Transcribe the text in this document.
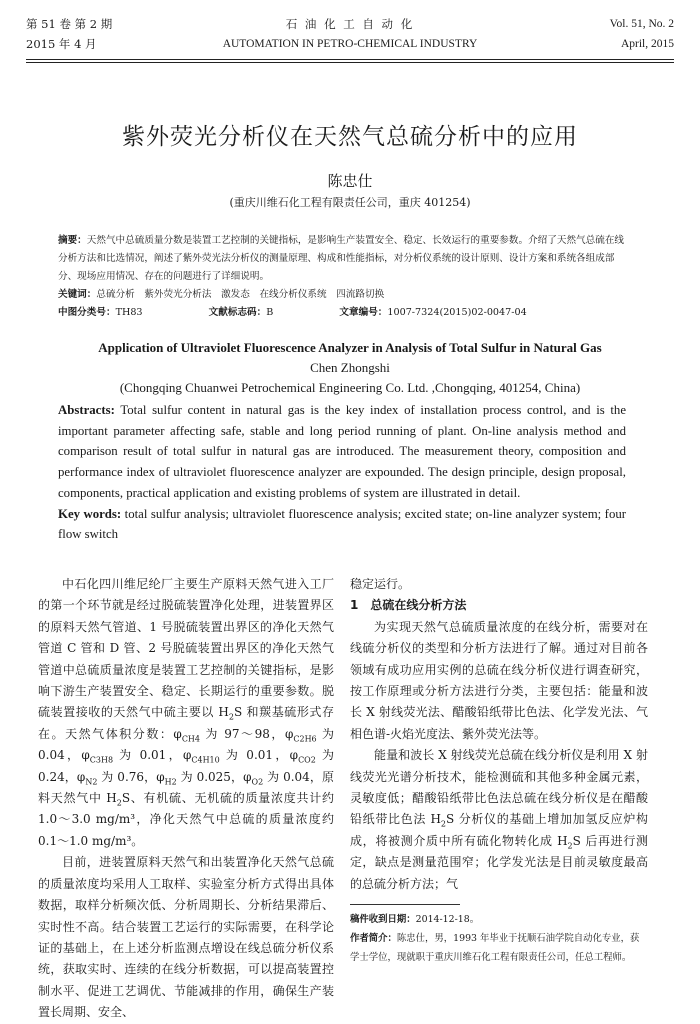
第 51 卷 第 2 期
2015 年 4 月
石 油 化 工 自 动 化
AUTOMATION IN PETRO-CHEMICAL INDUSTRY
Vol. 51, No. 2
April, 2015
紫外荧光分析仪在天然气总硫分析中的应用
陈忠仕
(重庆川维石化工程有限责任公司，重庆 401254)
摘要：天然气中总硫质量分数是装置工艺控制的关键指标，是影响生产装置安全、稳定、长效运行的重要参数。介绍了天然气总硫在线分析方法和比选情况，阐述了紫外荧光法分析仪的测量原理、构成和性能指标，对分析仪系统的设计原则、设计方案和系统各组成部分、现场应用情况、存在的问题进行了详细说明。
关键词：总硫分析　紫外荧光分析法　激发态　在线分析仪系统　四流路切换
中图分类号：TH83	文献标志码：B	文章编号：1007-7324(2015)02-0047-04
Application of Ultraviolet Fluorescence Analyzer in Analysis of Total Sulfur in Natural Gas
Chen Zhongshi
(Chongqing Chuanwei Petrochemical Engineering Co. Ltd. ,Chongqing, 401254, China)
Abstracts: Total sulfur content in natural gas is the key index of installation process control, and is the important parameter affecting safe, stable and long period running of plant. On-line analysis method and comparison result of total sulfur in natural gas are introduced. The measurement theory, composition and performance index of ultraviolet fluorescence analyzer are expounded. The design principle, design proposal, components, practical application and existing problems of system are illustrated in detail.
Key words: total sulfur analysis; ultraviolet fluorescence analysis; excited state; on-line analyzer system; four flow switch

中石化四川维尼纶厂主要生产原料天然气进入工厂的第一个环节就是经过脱硫装置净化处理，进装置界区的原料天然气管道、1 号脱硫装置出界区的净化天然气管道 C 管和 D 管、2 号脱硫装置出界区的净化天然气管道中总硫质量浓度是装置工艺控制的关键指标，是影响下游生产装置安全、稳定、长期运行的重要参数。脱硫装置接收的天然气中硫主要以 $H_2S$ 和羰基硫形式存在。天然气体积分数：$\varphi_{CH4}$ 为 97～98，$\varphi_{C2H6}$ 为 0.04，$\varphi_{C3H8}$ 为 0.01，$\varphi_{C4H10}$ 为 0.01，$\varphi_{CO2}$ 为 0.24，$\varphi_{N2}$ 为 0.76，$\varphi_{H2}$ 为 0.025，$\varphi_{O2}$ 为 0.04，原料天然气中 $H_2S$、有机硫、无机硫的质量浓度共计约 1.0～3.0 mg/m³，净化天然气中总硫的质量浓度约 0.1～1.0 mg/m³。

目前，进装置原料天然气和出装置净化天然气总硫的质量浓度均采用人工取样、实验室分析方式得出具体数据，取样分析频次低、分析周期长、分析结果滞后、实时性不高。结合装置工艺运行的实际需要，在科学论证的基础上，在上述分析监测点增设在线总硫分析仪系统，获取实时、连续的在线分析数据，可以提高装置控制水平、促进工艺调优、节能减排的作用，确保生产装置长周期、安全、

稳定运行。

1　总硫在线分析方法

为实现天然气总硫质量浓度的在线分析，需要对在线硫分析仪的类型和分析方法进行了解。通过对目前各领域有成功应用实例的总硫在线分析仪进行调查研究，按工作原理或分析方法进行分类，主要包括：能量和波长 X 射线荧光法、醋酸铅纸带比色法、化学发光法、气相色谱-火焰光度法、紫外荧光法等。

能量和波长 X 射线荧光总硫在线分析仪是利用 X 射线荧光光谱分析技术，能检测硫和其他多种金属元素，灵敏度低；醋酸铅纸带比色法总硫在线分析仪是在醋酸铅纸带比色法 $H_2S$ 分析仪的基础上增加加氢反应炉构成，将被测介质中所有硫化物转化成 $H_2S$ 后再进行测定，缺点是测量范围窄；化学发光法是目前灵敏度最高的总硫分析方法；气

稿件收到日期：2014-12-18。
作者简介：陈忠仕，男，1993 年毕业于抚顺石油学院自动化专业，获学士学位，现就职于重庆川维石化工程有限责任公司，任总工程师。
